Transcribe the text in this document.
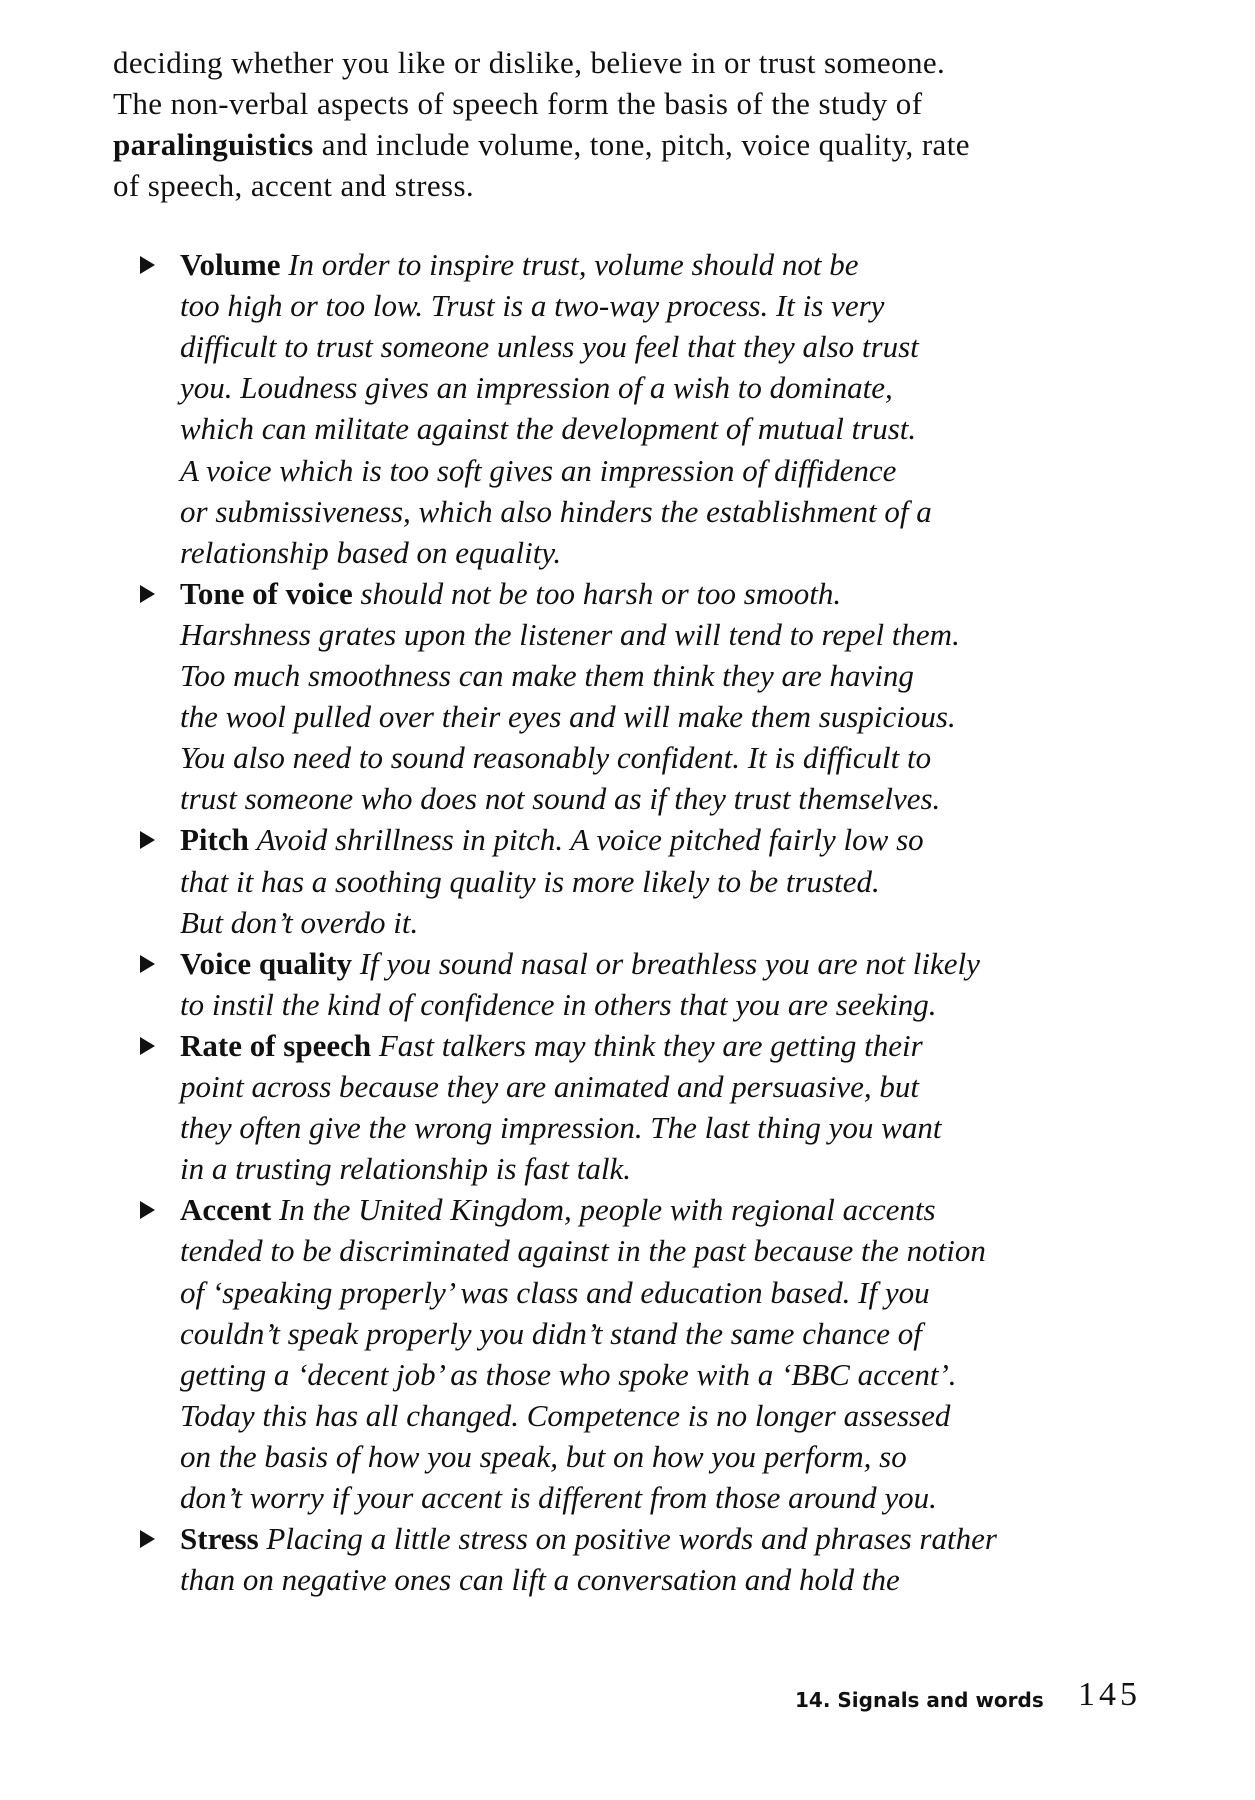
deciding whether you like or dislike, believe in or trust someone.
The non-verbal aspects of speech form the basis of the study of
paralinguistics and include volume, tone, pitch, voice quality, rate
of speech, accent and stress.
Volume In order to inspire trust, volume should not be
too high or too low. Trust is a two-way process. It is very
difficult to trust someone unless you feel that they also trust
you. Loudness gives an impression of a wish to dominate,
which can militate against the development of mutual trust.
A voice which is too soft gives an impression of diffidence
or submissiveness, which also hinders the establishment of a
relationship based on equality.
Tone of voice should not be too harsh or too smooth.
Harshness grates upon the listener and will tend to repel them.
Too much smoothness can make them think they are having
the wool pulled over their eyes and will make them suspicious.
You also need to sound reasonably confident. It is difficult to
trust someone who does not sound as if they trust themselves.
Pitch Avoid shrillness in pitch. A voice pitched fairly low so
that it has a soothing quality is more likely to be trusted.
But don’t overdo it.
Voice quality If you sound nasal or breathless you are not likely
to instil the kind of confidence in others that you are seeking.
Rate of speech Fast talkers may think they are getting their
point across because they are animated and persuasive, but
they often give the wrong impression. The last thing you want
in a trusting relationship is fast talk.
Accent In the United Kingdom, people with regional accents
tended to be discriminated against in the past because the notion
of ‘speaking properly’ was class and education based. If you
couldn’t speak properly you didn’t stand the same chance of
getting a ‘decent job’ as those who spoke with a ‘BBC accent’.
Today this has all changed. Competence is no longer assessed
on the basis of how you speak, but on how you perform, so
don’t worry if your accent is different from those around you.
Stress Placing a little stress on positive words and phrases rather
than on negative ones can lift a conversation and hold the
14. Signals and words 145
